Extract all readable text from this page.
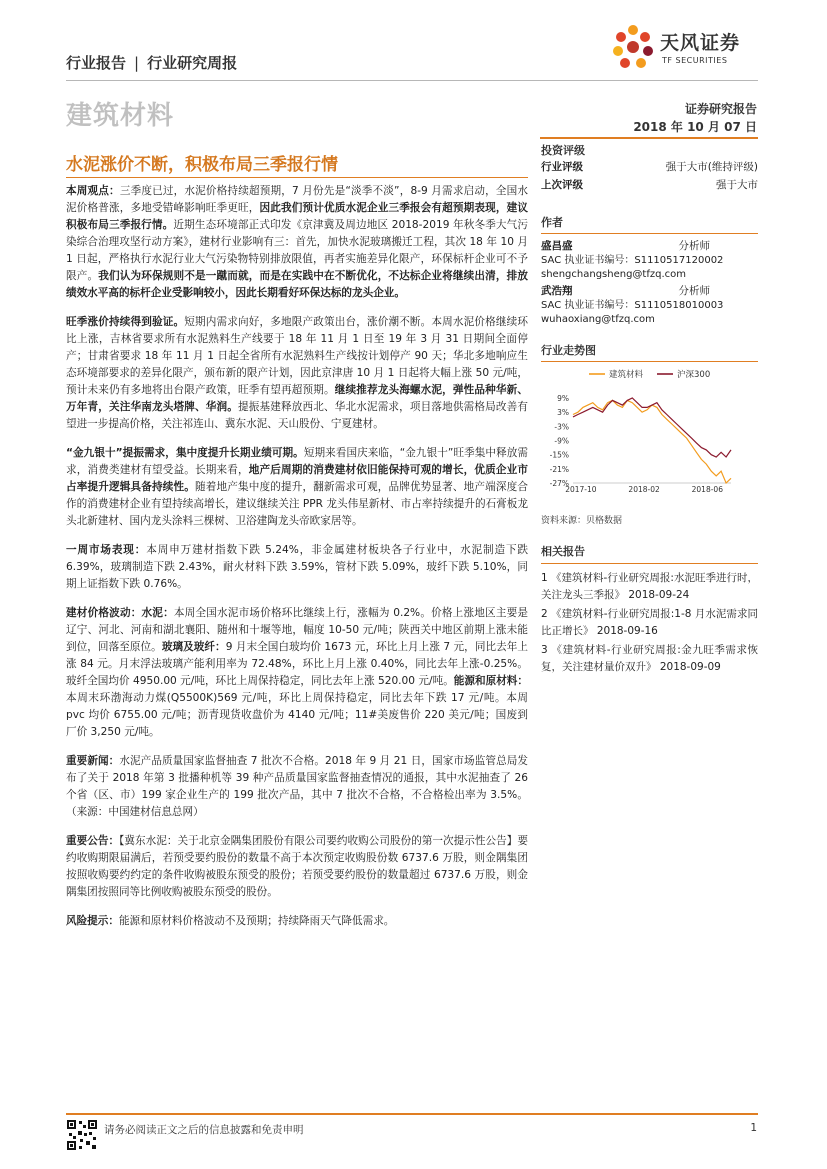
行业报告 | 行业研究周报
建筑材料
天风证券
TF SECURITIES
证券研究报告
2018 年 10 月 07 日
水泥涨价不断，积极布局三季报行情

本周观点：三季度已过，水泥价格持续超预期，7 月份先是“淡季不淡”，8-9 月需求启动，全国水泥价格普涨，多地受错峰影响旺季更旺，因此我们预计优质水泥企业三季报会有超预期表现，建议积极布局三季报行情。近期生态环境部正式印发《京津冀及周边地区 2018-2019 年秋冬季大气污染综合治理攻坚行动方案》，建材行业影响有三：首先，加快水泥玻璃搬迁工程，其次 18 年 10 月 1 日起，严格执行水泥行业大气污染物特别排放限值，再者实施差异化限产，环保标杆企业可不予限产。我们认为环保规则不是一蹴而就，而是在实践中在不断优化，不达标企业将继续出清，排放绩效水平高的标杆企业受影响较小，因此长期看好环保达标的龙头企业。

旺季涨价持续得到验证。短期内需求向好，多地限产政策出台，涨价潮不断。本周水泥价格继续环比上涨，吉林省要求所有水泥熟料生产线要于 18 年 11 月 1 日至 19 年 3 月 31 日期间全面停产；甘肃省要求 18 年 11 月 1 日起全省所有水泥熟料生产线按计划停产 90 天；华北多地响应生态环境部要求的差异化限产，颁布新的限产计划，因此京津唐 10 月 1 日起将大幅上涨 50 元/吨，预计未来仍有多地将出台限产政策，旺季有望再超预期。继续推荐龙头海螺水泥，弹性品种华新、万年青，关注华南龙头塔牌、华润。提振基建释放西北、华北水泥需求，项目落地供需格局改善有望进一步提高价格，关注祁连山、冀东水泥、天山股份、宁夏建材。

“金九银十”提振需求，集中度提升长期业绩可期。短期来看国庆来临，“金九银十”旺季集中释放需求，消费类建材有望受益。长期来看，地产后周期的消费建材依旧能保持可观的增长，优质企业市占率提升逻辑具备持续性。随着地产集中度的提升，翻新需求可观，品牌优势显著、地产端深度合作的消费建材企业有望持续高增长，建议继续关注 PPR 龙头伟星新材、市占率持续提升的石膏板龙头北新建材、国内龙头涂料三棵树、卫浴建陶龙头帝欧家居等。

一周市场表现：本周申万建材指数下跌 5.24%，非金属建材板块各子行业中，水泥制造下跌 6.39%，玻璃制造下跌 2.43%，耐火材料下跌 3.59%，管材下跌 5.09%，玻纤下跌 5.10%，同期上证指数下跌 0.76%。

建材价格波动：水泥：本周全国水泥市场价格环比继续上行，涨幅为 0.2%。价格上涨地区主要是辽宁、河北、河南和湖北襄阳、随州和十堰等地，幅度 10-50 元/吨；陕西关中地区前期上涨未能到位，回落至原位。玻璃及玻纤：9 月末全国白玻均价 1673 元，环比上月上涨 7 元，同比去年上涨 84 元。月末浮法玻璃产能利用率为 72.48%，环比上月上涨 0.40%，同比去年上涨-0.25%。玻纤全国均价 4950.00 元/吨，环比上周保持稳定，同比去年上涨 520.00 元/吨。能源和原材料：本周末环渤海动力煤(Q5500K)569 元/吨，环比上周保持稳定，同比去年下跌 17 元/吨。本周 pvc 均价 6755.00 元/吨；沥青现货收盘价为 4140 元/吨；11#美废售价 220 美元/吨；国废到厂价 3,250 元/吨。

重要新闻：水泥产品质量国家监督抽查 7 批次不合格。2018 年 9 月 21 日，国家市场监管总局发布了关于 2018 年第 3 批播种机等 39 种产品质量国家监督抽查情况的通报，其中水泥抽查了 26 个省（区、市）199 家企业生产的 199 批次产品，其中 7 批次不合格，不合格检出率为 3.5%。（来源：中国建材信息总网）

重要公告：【冀东水泥：关于北京金隅集团股份有限公司要约收购公司股份的第一次提示性公告】要约收购期限届满后，若预受要约股份的数量不高于本次预定收购股份数 6737.6 万股，则金隅集团按照收购要约约定的条件收购被股东预受的股份；若预受要约股份的数量超过 6737.6 万股，则金隅集团按照同等比例收购被股东预受的股份。

风险提示：能源和原材料价格波动不及预期；持续降雨天气降低需求。

投资评级
行业评级	强于大市(维持评级)
上次评级	强于大市
作者
盛昌盛	分析师
SAC 执业证书编号：S1110517120002
shengchangsheng@tfzq.com
武浩翔	分析师
SAC 执业证书编号：S1110518010003
wuhaoxiang@tfzq.com
行业走势图
建筑材料	沪深300
9%
3%
-3%
-9%
-15%
-21%
-27%
2017-10	2018-02	2018-06
资料来源：贝格数据
相关报告
1 《建筑材料-行业研究周报:水泥旺季进行时，关注龙头三季报》 2018-09-24
2 《建筑材料-行业研究周报:1-8 月水泥需求同比正增长》 2018-09-16
3 《建筑材料-行业研究周报:金九旺季需求恢复，关注建材量价双升》 2018-09-09
请务必阅读正文之后的信息披露和免责申明	1
